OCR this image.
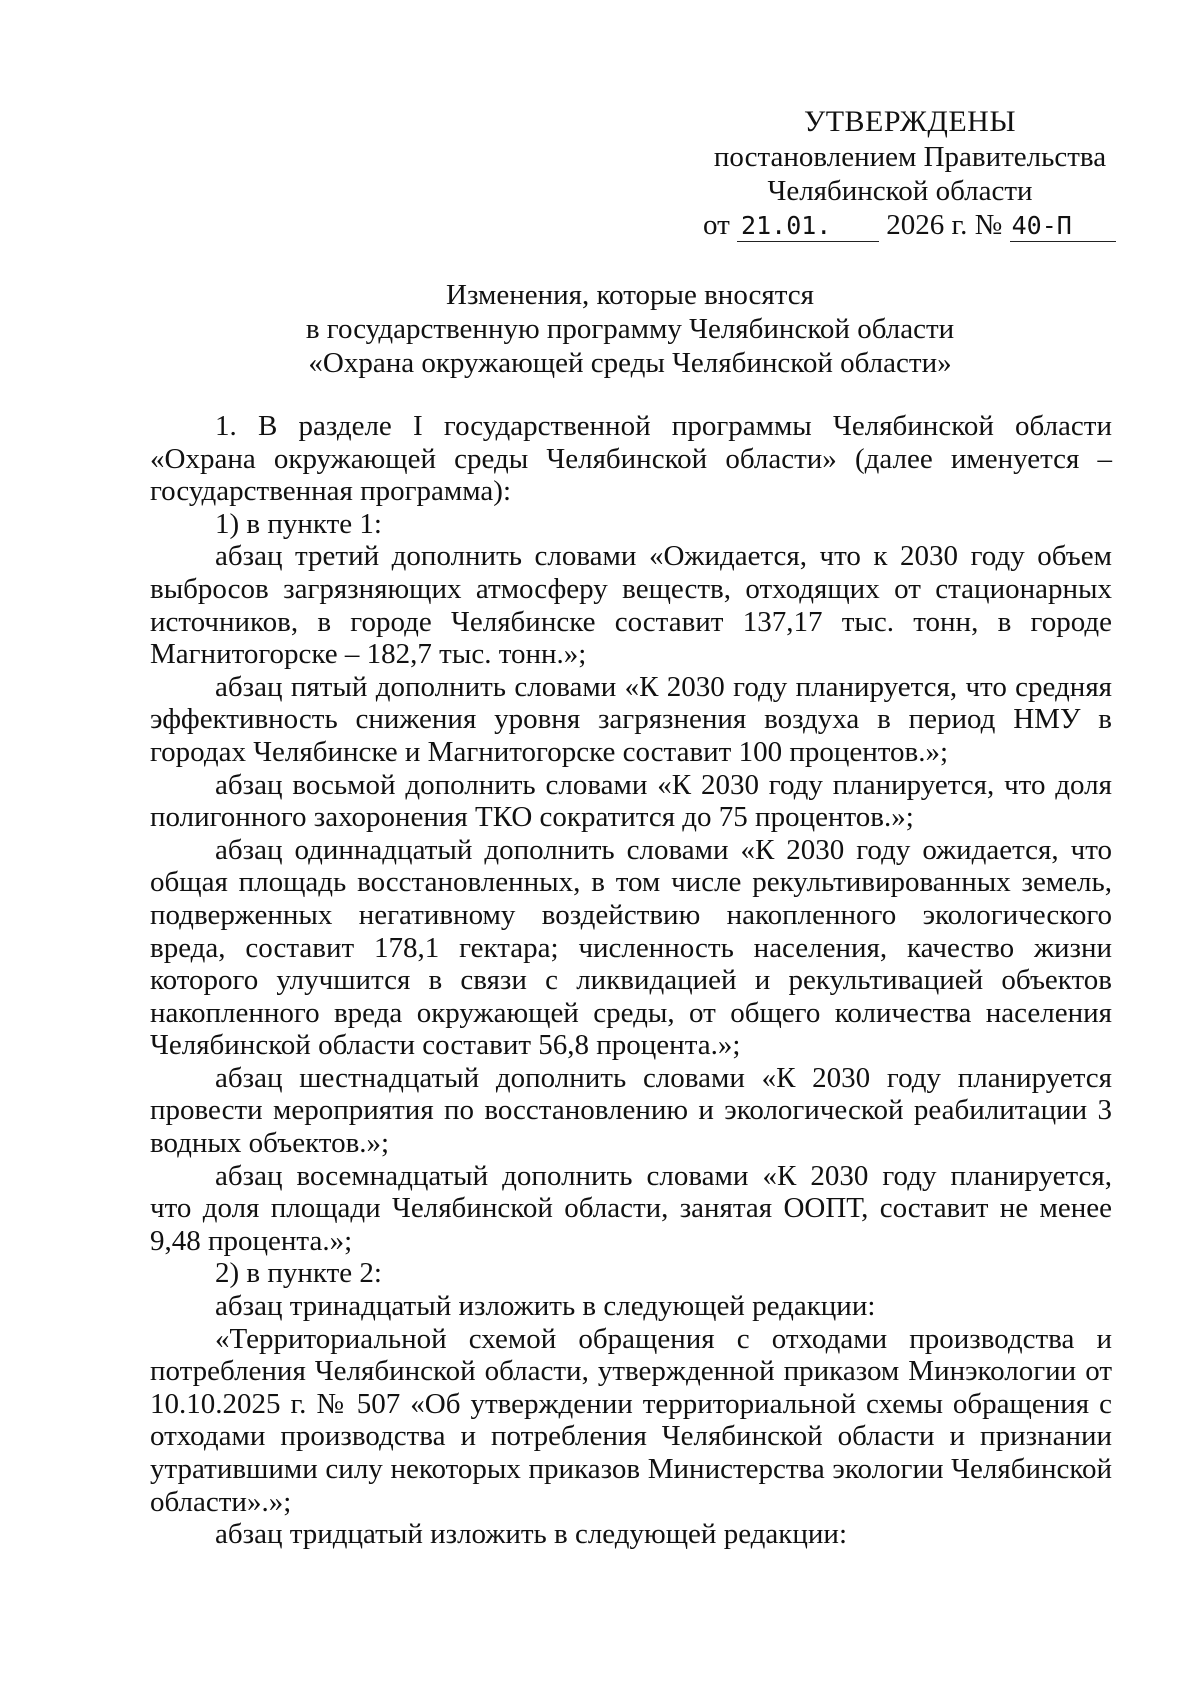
УТВЕРЖДЕНЫ
постановлением Правительства
Челябинской области
от 21.01. 2026 г. № 40-П
Изменения, которые вносятся
в государственную программу Челябинской области
«Охрана окружающей среды Челябинской области»

1. В разделе I государственной программы Челябинской области «Охрана окружающей среды Челябинской области» (далее именуется – государственная программа):

1) в пункте 1:

абзац третий дополнить словами «Ожидается, что к 2030 году объем выбросов загрязняющих атмосферу веществ, отходящих от стационарных источников, в городе Челябинске составит 137,17 тыс. тонн, в городе Магнитогорске – 182,7 тыс. тонн.»;

абзац пятый дополнить словами «К 2030 году планируется, что средняя эффективность снижения уровня загрязнения воздуха в период НМУ в городах Челябинске и Магнитогорске составит 100 процентов.»;

абзац восьмой дополнить словами «К 2030 году планируется, что доля полигонного захоронения ТКО сократится до 75 процентов.»;

абзац одиннадцатый дополнить словами «К 2030 году ожидается, что общая площадь восстановленных, в том числе рекультивированных земель, подверженных негативному воздействию накопленного экологического вреда, составит 178,1 гектара; численность населения, качество жизни которого улучшится в связи с ликвидацией и рекультивацией объектов накопленного вреда окружающей среды, от общего количества населения Челябинской области составит 56,8 процента.»;

абзац шестнадцатый дополнить словами «К 2030 году планируется провести мероприятия по восстановлению и экологической реабилитации 3 водных объектов.»;

абзац восемнадцатый дополнить словами «К 2030 году планируется, что доля площади Челябинской области, занятая ООПТ, составит не менее 9,48 процента.»;

2) в пункте 2:

абзац тринадцатый изложить в следующей редакции:

«Территориальной схемой обращения с отходами производства и потребления Челябинской области, утвержденной приказом Минэкологии от 10.10.2025 г. № 507 «Об утверждении территориальной схемы обращения с отходами производства и потребления Челябинской области и признании утратившими силу некоторых приказов Министерства экологии Челябинской области».»;

абзац тридцатый изложить в следующей редакции:
